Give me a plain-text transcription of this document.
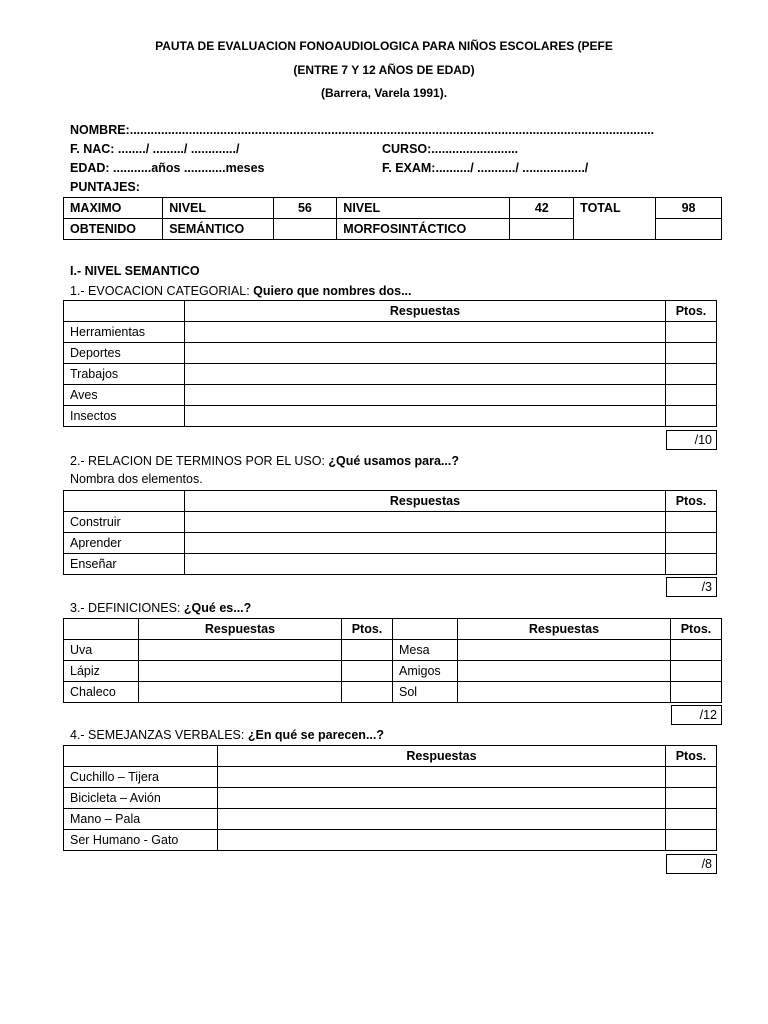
PAUTA DE EVALUACION FONOAUDIOLOGICA PARA NIÑOS ESCOLARES (PEFE
(ENTRE 7 Y 12 AÑOS DE EDAD)
(Barrera, Varela 1991).
NOMBRE:.......................................................................................................................................................
F. NAC: ......../ ........./ ............./	CURSO:.........................
EDAD: ...........años ............meses	F. EXAM:........../ .........../ ................../
PUNTAJES:
MAXIMO	NIVEL	56	NIVEL	42	TOTAL	98
OBTENIDO	SEMÁNTICO		MORFOSINTÁCTICO			
I.- NIVEL SEMANTICO
1.- EVOCACION CATEGORIAL: Quiero que nombres dos...
	Respuestas	Ptos.
Herramientas		
Deportes		
Trabajos		
Aves		
Insectos		
/10
2.- RELACION DE TERMINOS POR EL USO: ¿Qué usamos para...?
Nombra dos elementos.
	Respuestas	Ptos.
Construir		
Aprender		
Enseñar		
/3
3.- DEFINICIONES: ¿Qué es...?
	Respuestas	Ptos.		Respuestas	Ptos.
Uva			Mesa		
Lápiz			Amigos		
Chaleco			Sol		
/12
4.- SEMEJANZAS VERBALES: ¿En qué se parecen...?
	Respuestas	Ptos.
Cuchillo – Tijera		
Bicicleta – Avión		
Mano – Pala		
Ser Humano - Gato		
/8
